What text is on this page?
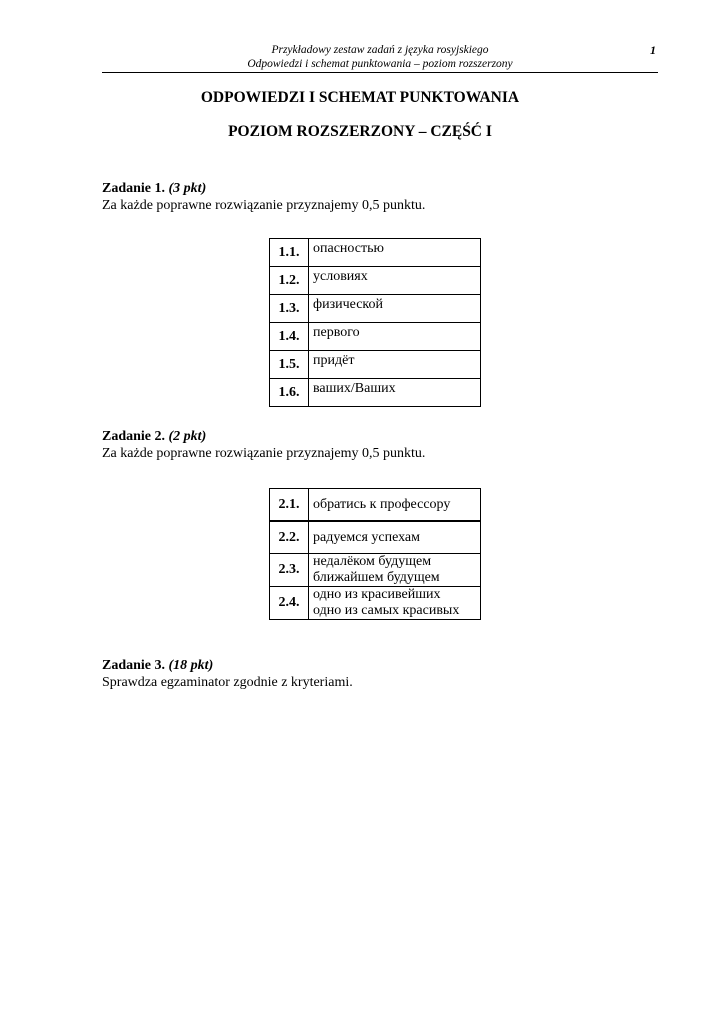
Przykładowy zestaw zadań z języka rosyjskiego
Odpowiedzi i schemat punktowania – poziom rozszerzony
1
ODPOWIEDZI I SCHEMAT PUNKTOWANIA
POZIOM ROZSZERZONY – CZĘŚĆ I
Zadanie 1. (3 pkt)
Za każde poprawne rozwiązanie przyznajemy 0,5 punktu.
1.1.	опасностью
1.2.	условиях
1.3.	физической
1.4.	первого
1.5.	придёт
1.6.	ваших/Ваших
Zadanie 2. (2 pkt)
Za każde poprawne rozwiązanie przyznajemy 0,5 punktu.
2.1.	обратись к профессору

2.2.	радуемся успехам

2.3.	недалёком будущем
ближайшем будущем

2.4.	одно из красивейших
одно из самых красивых
Zadanie 3. (18 pkt)
Sprawdza egzaminator zgodnie z kryteriami.
